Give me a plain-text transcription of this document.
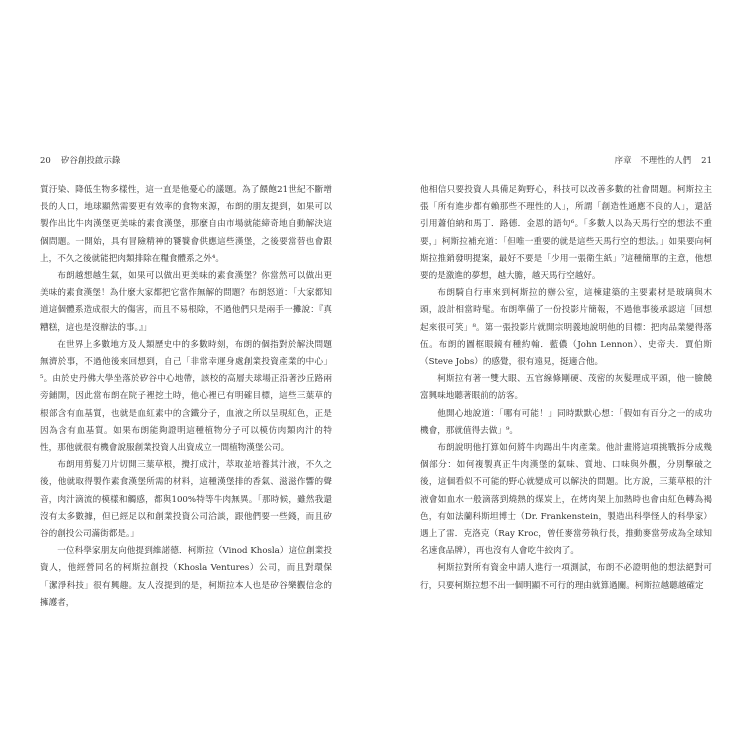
20 矽谷創投啟示錄	序章　不理性的人們 21

質汙染、降低生物多樣性，這一直是他憂心的議題。為了餵飽21世紀不斷增長的人口，地球顯然需要更有效率的食物來源，布朗的朋友提到，如果可以製作出比牛肉漢堡更美味的素食漢堡，那麼自由市場就能締奇地自動解決這個問題。一開始，具有冒險精神的饕餮會供應這些漢堡，之後要當替也會跟上，不久之後就能把肉類排除在糧食體系之外⁴。

布朗越想越生氣，如果可以做出更美味的素食漢堡？你當然可以做出更美味的素食漢堡！為什麼大家都把它當作無解的問題？布朗怒道：「大家都知道這個體系造成很大的傷害，而且不易根除，不過他們只是兩手一攤說：『真糟糕，這也是沒辦法的事。』」

在世界上多數地方及人類歷史中的多數時刻，布朗的個指對於解決問題無濟於事，不過他後來回想到，自己「非常幸運身處創業投資產業的中心」⁵。由於史丹佛大學坐落於矽谷中心地帶，該校的高層夫球場正沿著沙丘路兩旁鋪開，因此當布朗在院子裡挖土時，他心裡已有明確目標，這些三葉草的根部含有血基質，也就是血紅素中的含鐵分子，血液之所以呈現紅色，正是因為含有血基質。如果布朗能夠證明這種植物分子可以模仿肉類肉汁的特性，那他就很有機會說服創業投資人出資成立一間植物漢堡公司。

布朗用剪髮刀片切開三葉草根，攪打成汁，萃取並培養其汁液，不久之後，他就取得製作素食漢堡所需的材料，這種漢堡排的香氣、滋滋作響的聲音，肉汁滴流的模樣和觸感，都與100%特等牛肉無異。「那時候，雖然我還沒有太多數據，但已經足以和創業投資公司洽談，跟他們要一些錢，而且矽谷的創投公司滿街都是。」

一位科學家朋友向他提到維諾德．柯斯拉（Vinod Khosla）這位創業投資人，他經營同名的柯斯拉創投（Khosla Ventures）公司，而且對環保「潔淨科技」很有興趣。友人沒提到的是，柯斯拉本人也是矽谷樂觀信念的擁護者，

他相信只要投資人具備足夠野心，科技可以改善多數的社會問題。柯斯拉主張「所有進步都有賴那些不理性的人」，所謂「創造性通應不良的人」，還話引用蕭伯納和馬丁．路德．金恩的語句⁶。「多數人以為天馬行空的想法不重要，」柯斯拉補充道：「但唯一重要的就是這些天馬行空的想法。」如果要向柯斯拉推銷發明提案，最好不要是「少用一張衛生紙」⁷這種簡單的主意，他想要的是激進的夢想，越大膽，越天馬行空越好。

布朗騎自行車來到柯斯拉的辦公室，這棟建築的主要素材是玻璃與木頭，設計相當時髦。布朗準備了一份投影片簡報，不過他事後承認這「回想起來很可笑」⁸。第一張投影片就開宗明義地說明他的目標：把肉品業變得落伍。布朗的圖框眼鏡有種約翰．藍儂（John Lennon）、史帝夫．賈伯斯（Steve Jobs）的感覺，很有遠見，挺適合他。

柯斯拉有著一雙大眼、五官線條剛硬、茂密的灰髮理成平頭，他一臉饒富興味地聽著眼前的訪客。

他開心地說道：「哪有可能！」同時默默心想：「假如有百分之一的成功機會，那就值得去做」⁹。

布朗說明他打算如何將牛肉踢出牛肉產業。他計畫將這項挑戰拆分成幾個部分：如何複製真正牛肉漢堡的氣味、質地、口味與外觀，分別擊破之後，這個看似不可能的野心就變成可以解決的問題。比方說，三葉草根的汁液會如血水一般滴落到燒熱的煤炭上，在烤肉架上加熱時也會由紅色轉為褐色，有如法蘭科斯坦博士（Dr. Frankenstein，製造出科學怪人的科學家）遇上了雷．克洛克（Ray Kroc，曾任麥當勞執行長，推動麥當勞成為全球知名速食品牌），再也沒有人會吃牛絞肉了。

柯斯拉對所有資金申請人進行一項測試，布朗不必證明他的想法絕對可行，只要柯斯拉想不出一個明顯不可行的理由就算過關。柯斯拉越聽越確定
